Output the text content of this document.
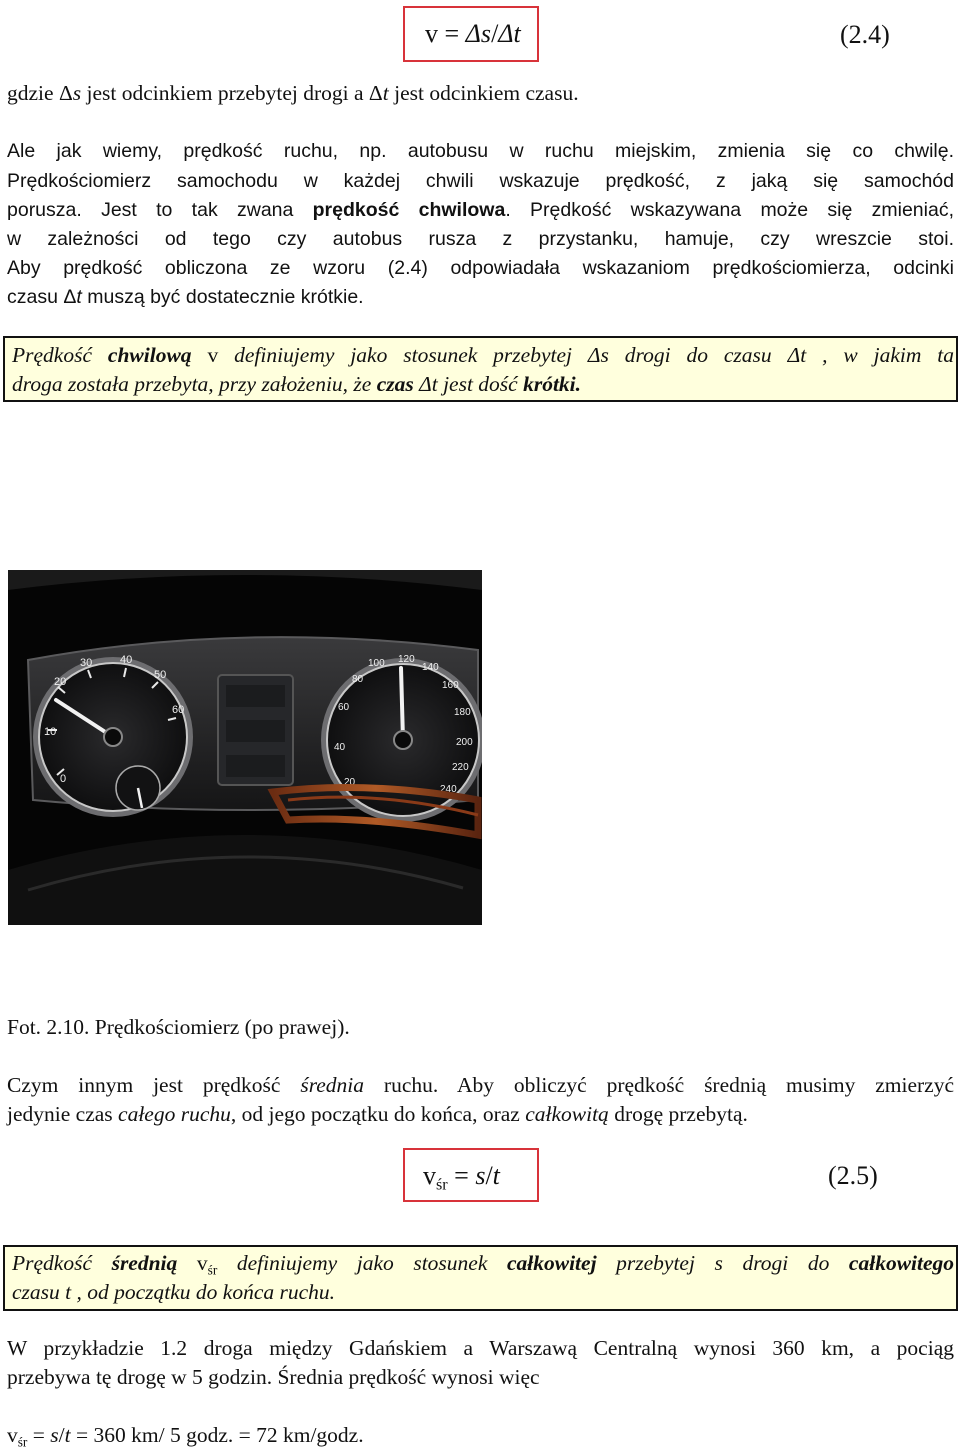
v = Δs/Δt	(2.4)
gdzie Δs jest odcinkiem przebytej drogi a Δt jest odcinkiem czasu.
Ale jak wiemy, prędkość ruchu, np. autobusu w ruchu miejskim, zmienia się co chwilę.
Prędkościomierz samochodu w każdej chwili wskazuje prędkość, z jaką się samochód
porusza. Jest to tak zwana prędkość chwilowa. Prędkość wskazywana może się zmieniać,
w zależności od tego czy autobus rusza z przystanku, hamuje, czy wreszcie stoi.
Aby prędkość obliczona ze wzoru (2.4) odpowiadała wskazaniom prędkościomierza, odcinki
czasu Δt muszą być dostatecznie krótkie.
Prędkość chwilową v definiujemy jako stosunek przebytej Δs drogi do czasu Δt , w jakim ta
droga została przebyta, przy założeniu, że czas Δt jest dość krótki.
0
10
20
30	40
50
60
20
40
60
80
100 120
140
160
180
200
220
240
Fot. 2.10. Prędkościomierz (po prawej).
Czym innym jest prędkość średnia ruchu. Aby obliczyć prędkość średnią musimy zmierzyć
jedynie czas całego ruchu, od jego początku do końca, oraz całkowitą drogę przebytą.
$v_{śr} = s/t$	(2.5)
Prędkość średnią $v_{śr}$ definiujemy jako stosunek całkowitej przebytej s drogi do całkowitego
czasu t , od początku do końca ruchu.
W przykładzie 1.2 droga między Gdańskiem a Warszawą Centralną wynosi 360 km, a pociąg
przebywa tę drogę w 5 godzin. Średnia prędkość wynosi więc
$v_{śr} = s/t = 360$ km/ 5 godz. = 72 km/godz.
